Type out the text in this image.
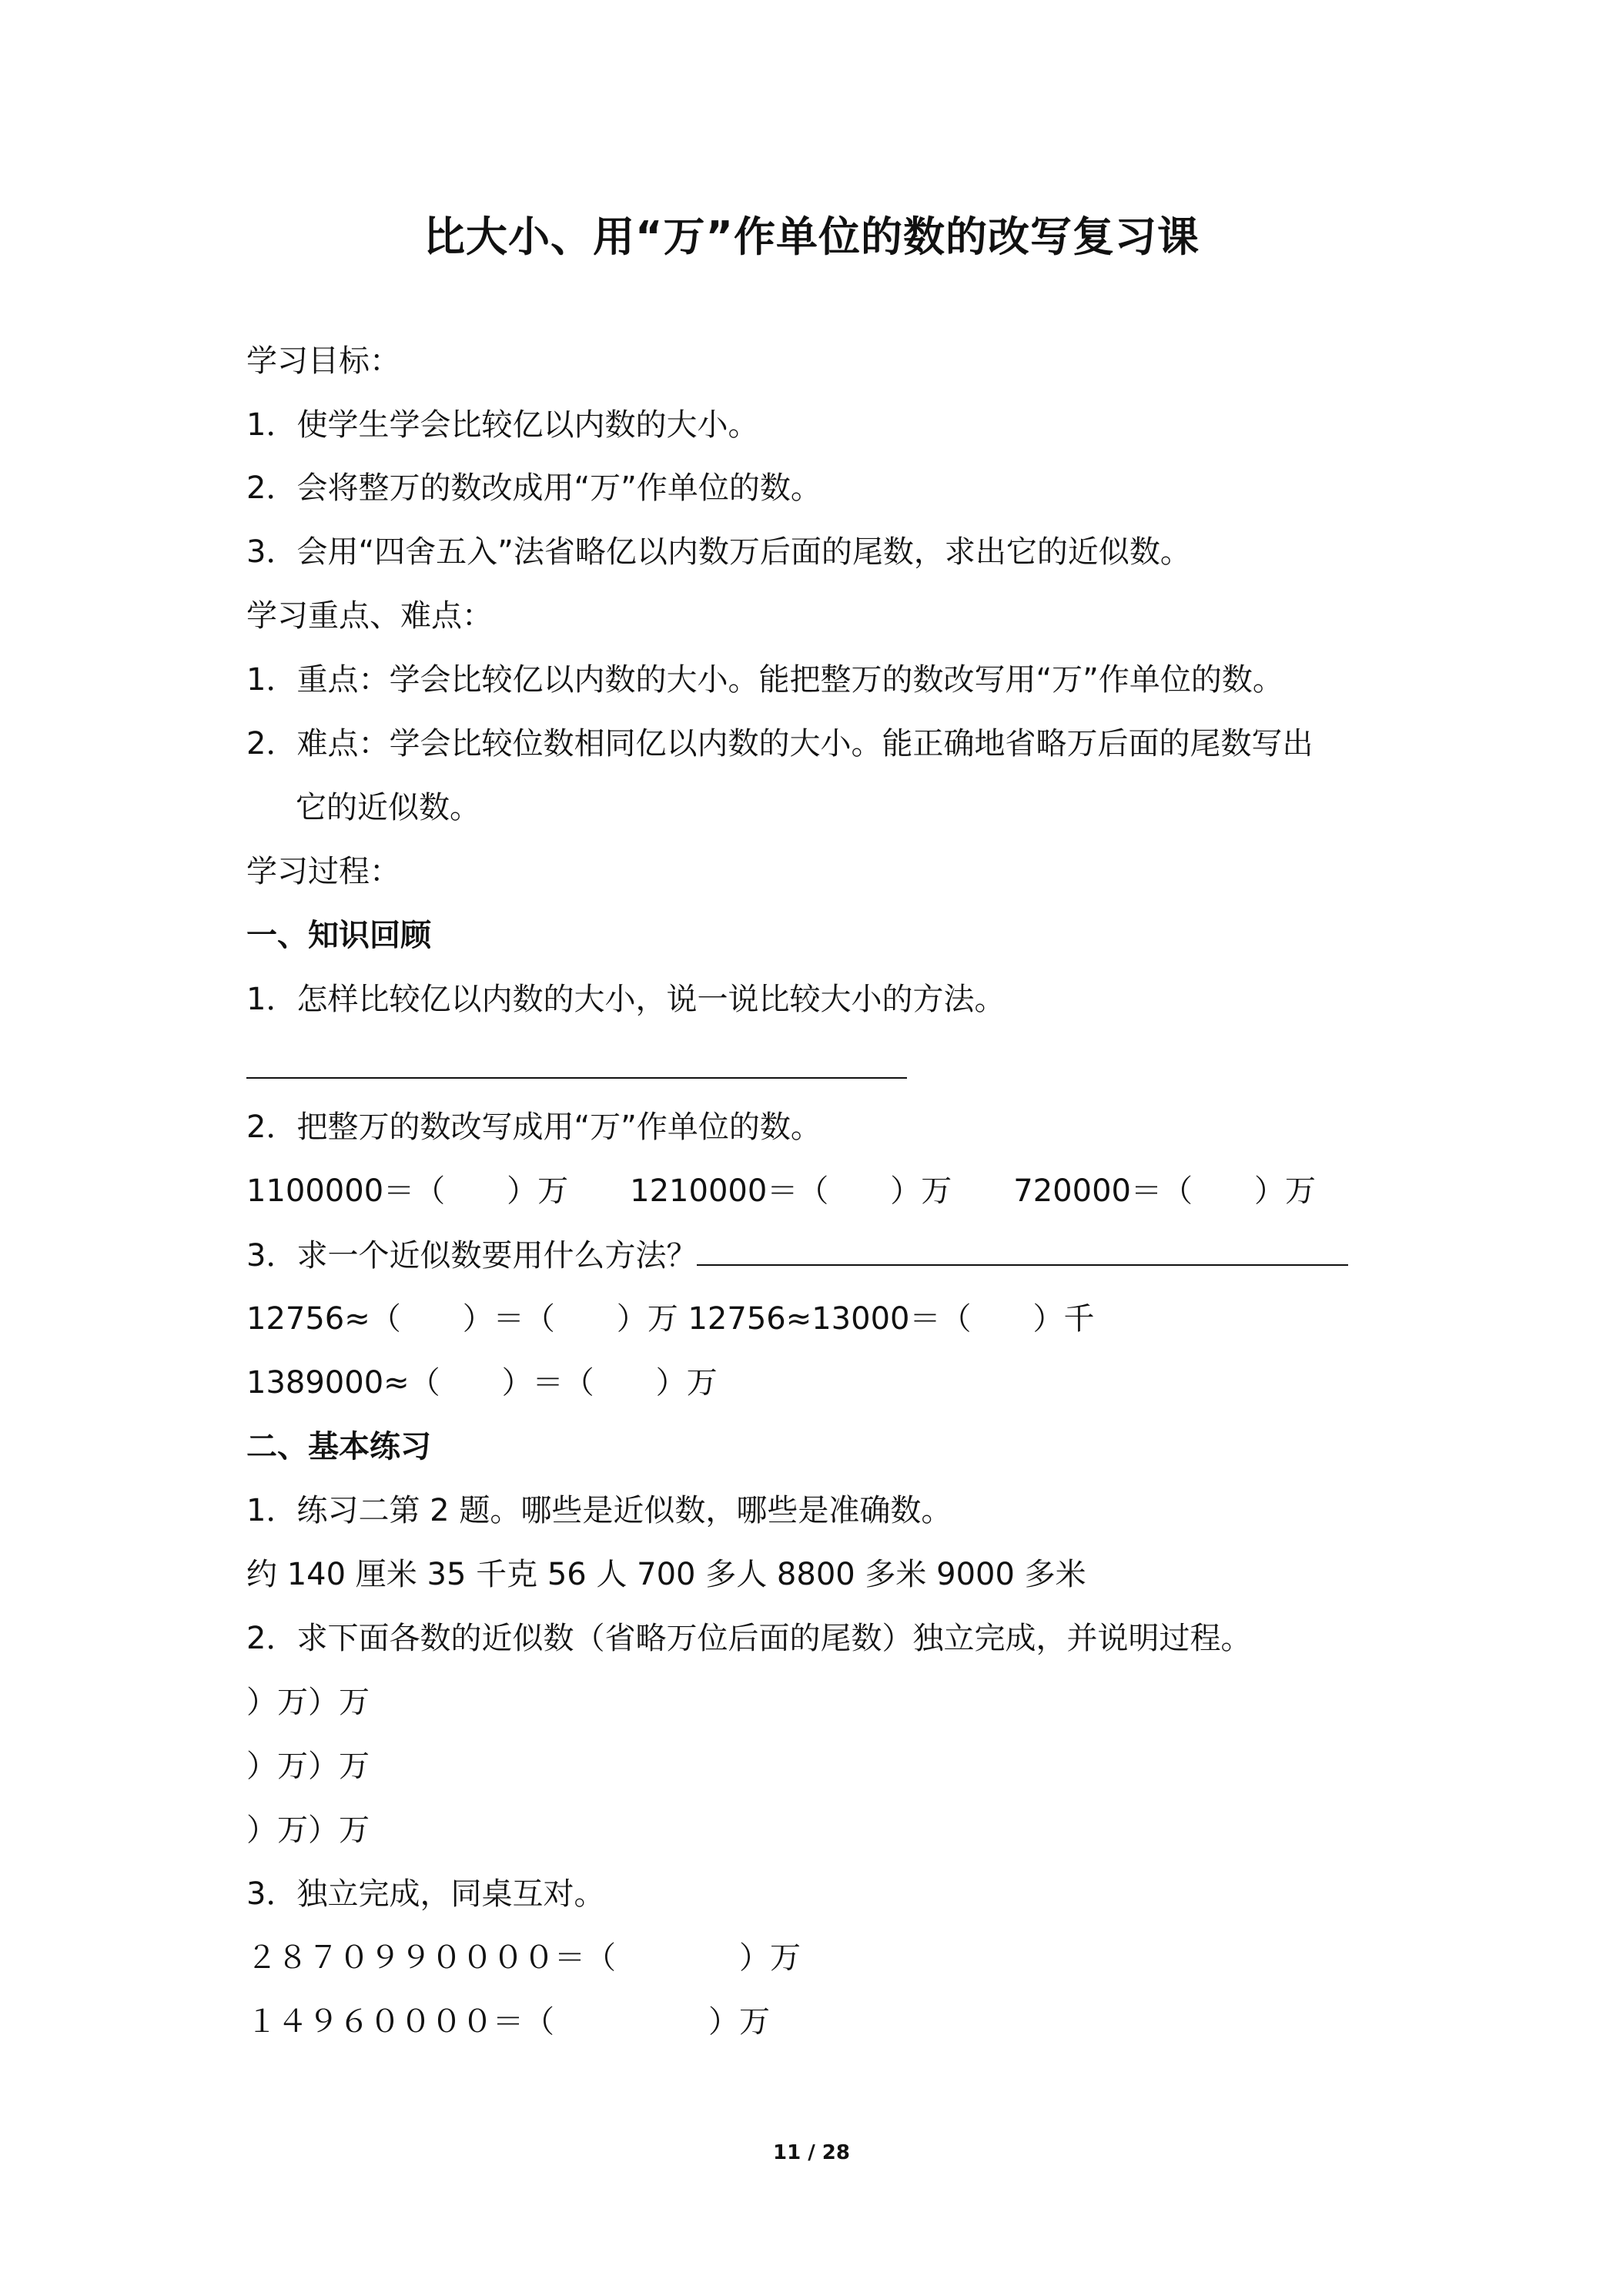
比大小、用“万”作单位的数的改写复习课
学习目标：
1．使学生学会比较亿以内数的大小。
2．会将整万的数改成用“万”作单位的数。
3．会用“四舍五入”法省略亿以内数万后面的尾数，求出它的近似数。
学习重点、难点：
1．重点：学会比较亿以内数的大小。能把整万的数改写用“万”作单位的数。
2．难点：学会比较位数相同亿以内数的大小。能正确地省略万后面的尾数写出
它的近似数。
学习过程：
一、知识回顾
1．怎样比较亿以内数的大小，说一说比较大小的方法。
2．把整万的数改写成用“万”作单位的数。
1100000＝（　　）万　　1210000＝（　　）万　　720000＝（　　）万
3．求一个近似数要用什么方法？
12756≈（　　）＝（　　）万 12756≈13000＝（　　）千
1389000≈（　　）＝（　　）万
二、基本练习
1．练习二第 2 题。哪些是近似数，哪些是准确数。
约 140 厘米 35 千克 56 人 700 多人 8800 多米 9000 多米
2．求下面各数的近似数（省略万位后面的尾数）独立完成，并说明过程。
）万）万
）万）万
）万）万
3．独立完成，同桌互对。
２８７０９９００００＝（　　　　）万
１４９６００００＝（　　　　　）万
11 / 28
